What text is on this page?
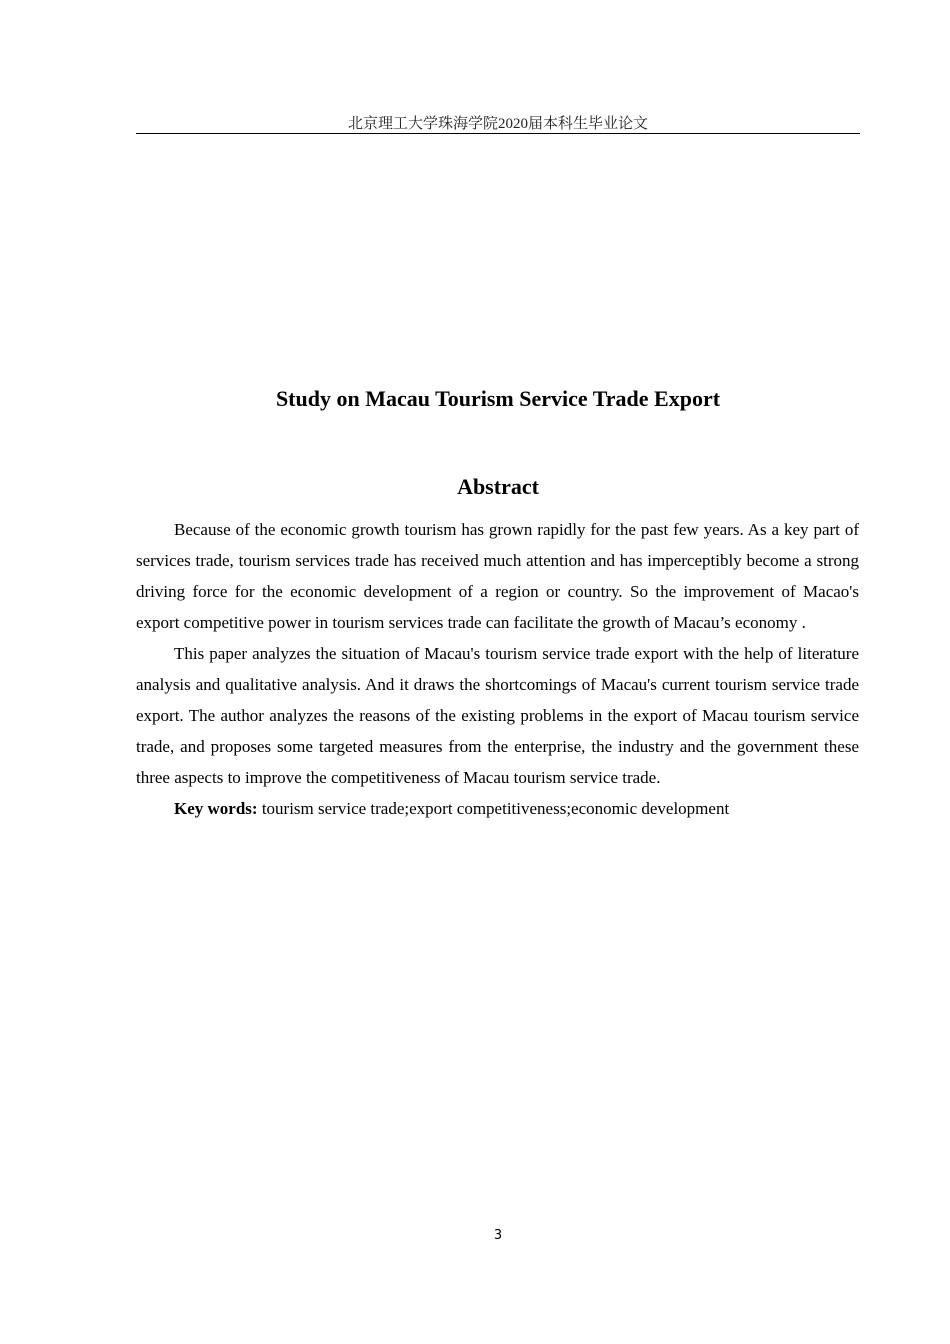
北京理工大学珠海学院2020届本科生毕业论文
Study on Macau Tourism Service Trade Export
Abstract

Because of the economic growth tourism has grown rapidly for the past few years. As a key part of services trade, tourism services trade has received much attention and has imperceptibly become a strong driving force for the economic development of a region or country. So the improvement of Macao's export competitive power in tourism services trade can facilitate the growth of Macau’s economy .

This paper analyzes the situation of Macau's tourism service trade export with the help of literature analysis and qualitative analysis. And it draws the shortcomings of Macau's current tourism service trade export. The author analyzes the reasons of the existing problems in the export of Macau tourism service trade, and proposes some targeted measures from the enterprise, the industry and the government these three aspects to improve the competitiveness of Macau tourism service trade.

Key words: tourism service trade;export competitiveness;economic development

3
